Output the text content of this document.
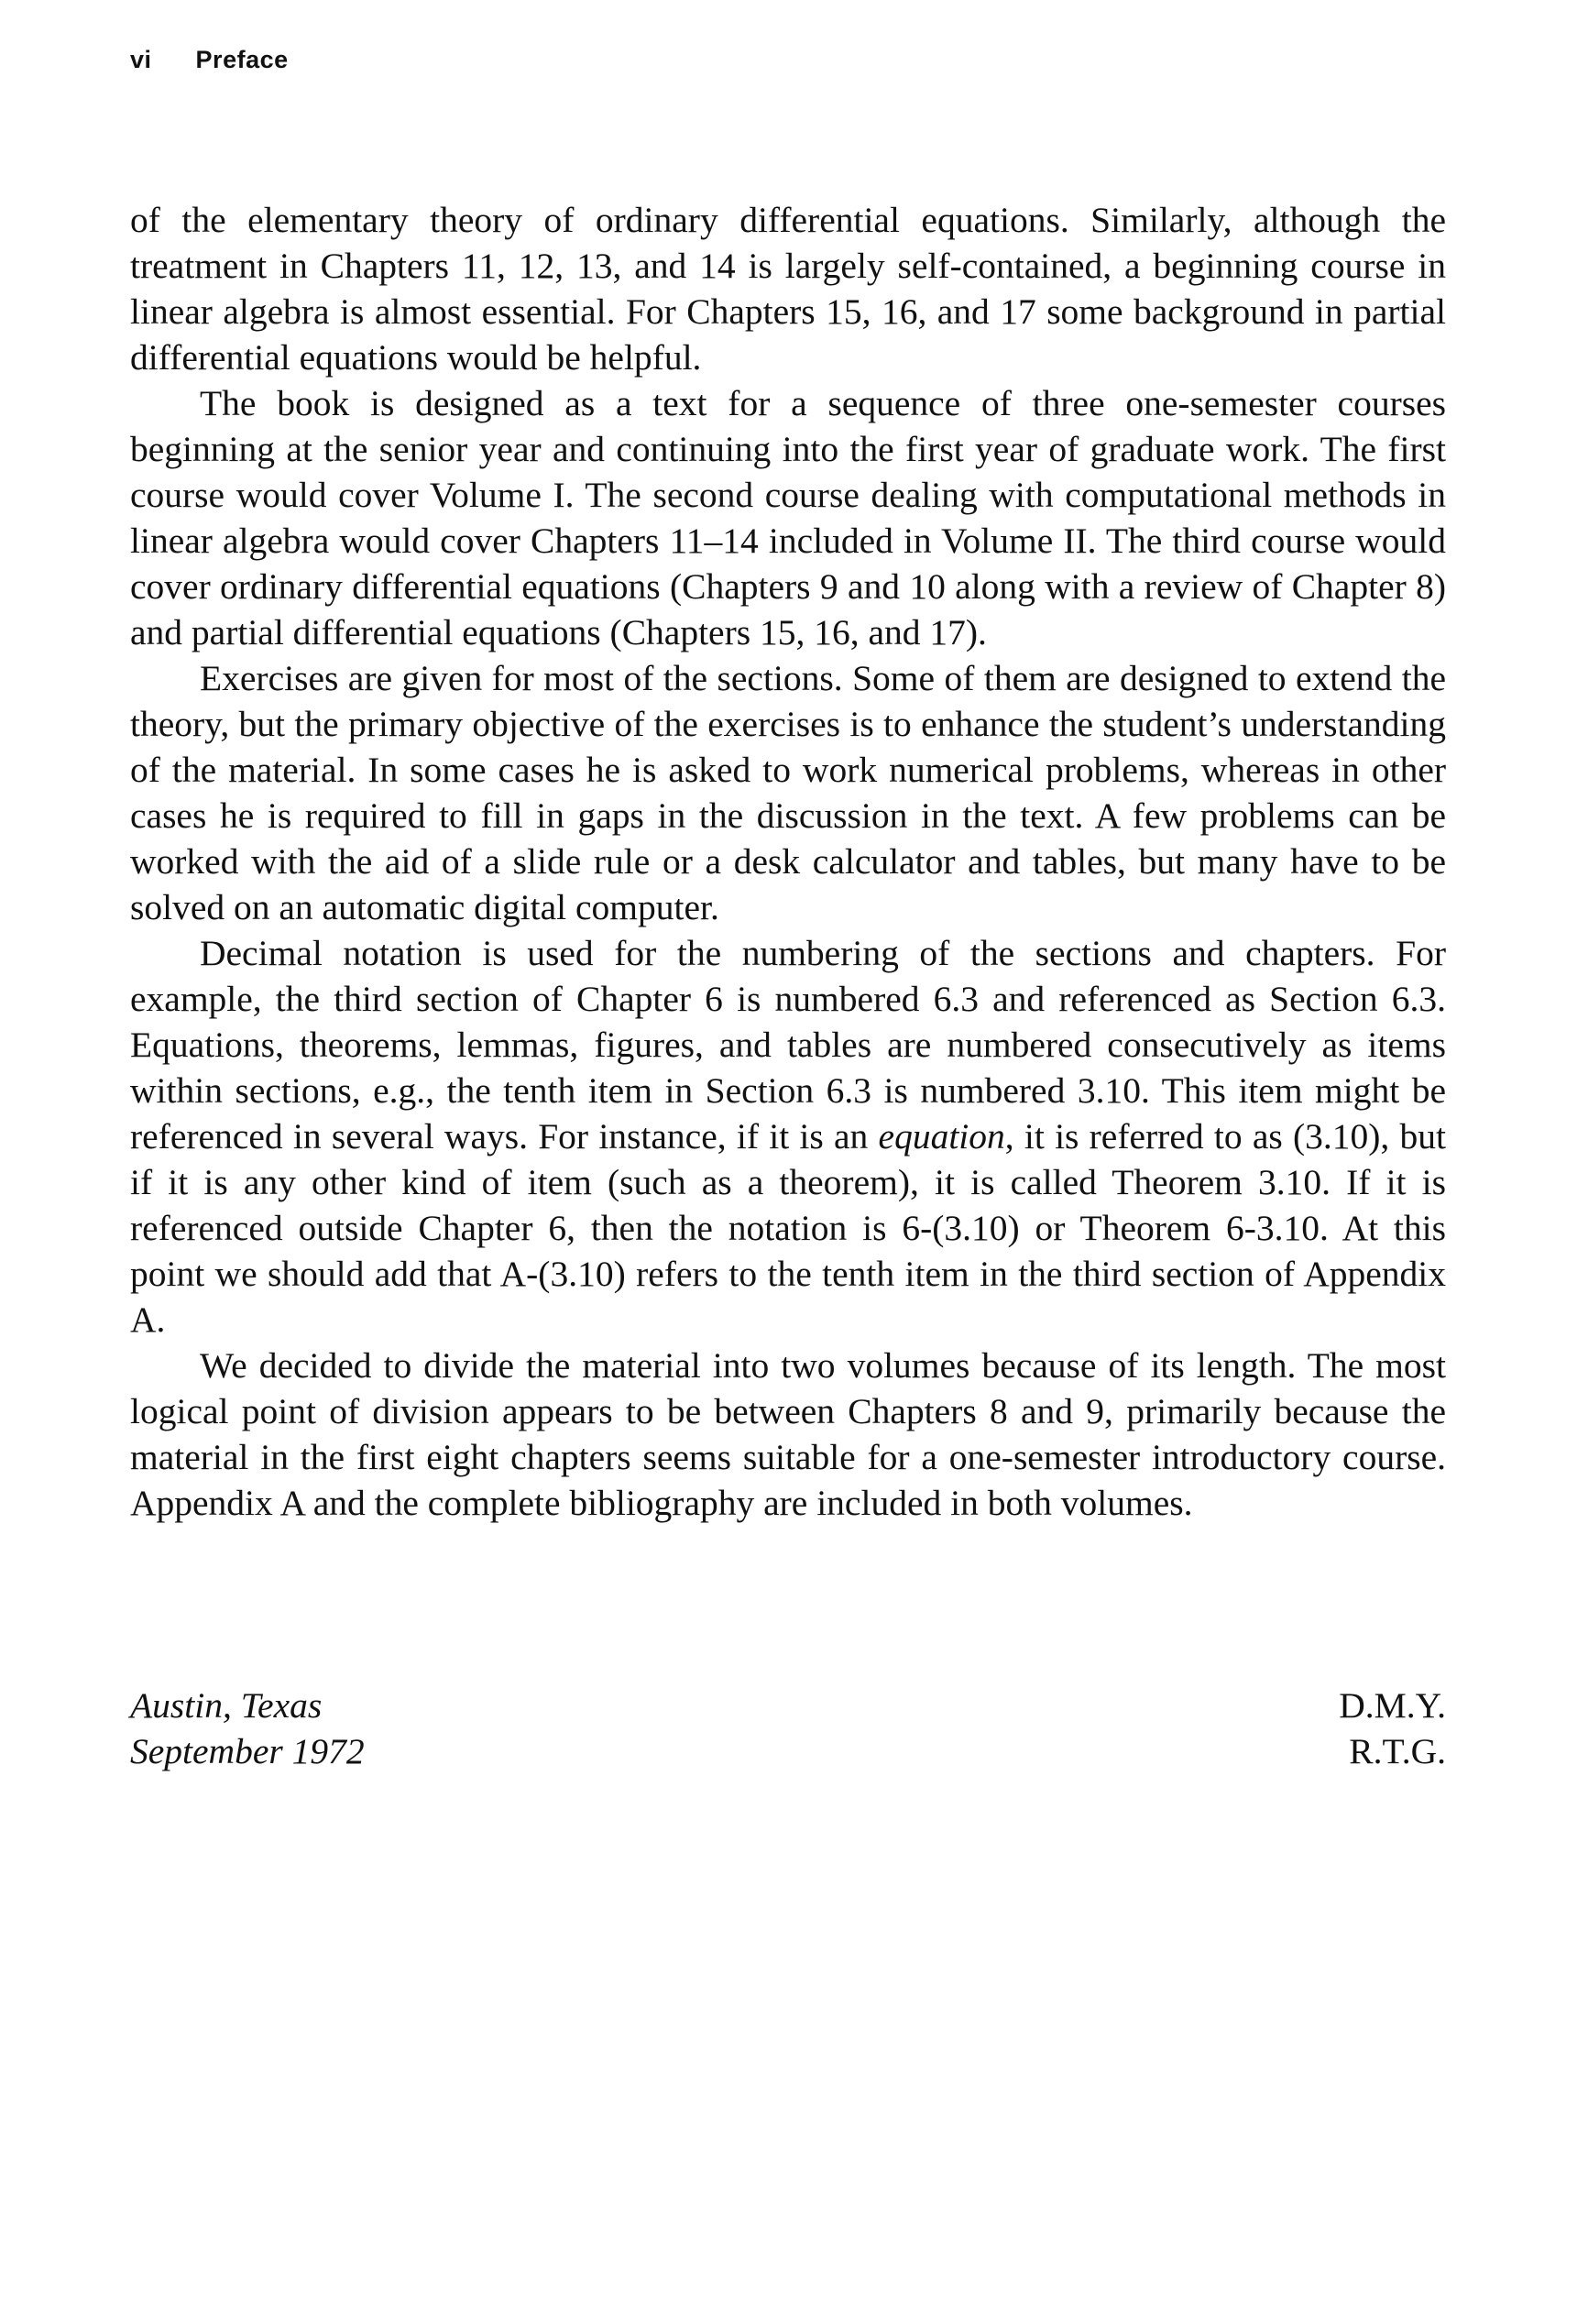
vi Preface

of the elementary theory of ordinary differential equations. Similarly, although the treatment in Chapters 11, 12, 13, and 14 is largely self-contained, a beginning course in linear algebra is almost essential. For Chapters 15, 16, and 17 some background in partial differential equations would be helpful.

The book is designed as a text for a sequence of three one-semester courses beginning at the senior year and continuing into the first year of graduate work. The first course would cover Volume I. The second course dealing with computational methods in linear algebra would cover Chapters 11–14 included in Volume II. The third course would cover ordinary differential equations (Chapters 9 and 10 along with a review of Chapter 8) and partial differential equations (Chapters 15, 16, and 17).

Exercises are given for most of the sections. Some of them are designed to extend the theory, but the primary objective of the exercises is to enhance the student’s understanding of the material. In some cases he is asked to work numerical problems, whereas in other cases he is required to fill in gaps in the discussion in the text. A few problems can be worked with the aid of a slide rule or a desk calculator and tables, but many have to be solved on an automatic digital computer.

Decimal notation is used for the numbering of the sections and chapters. For example, the third section of Chapter 6 is numbered 6.3 and referenced as Section 6.3. Equations, theorems, lemmas, figures, and tables are numbered consecutively as items within sections, e.g., the tenth item in Section 6.3 is numbered 3.10. This item might be referenced in several ways. For instance, if it is an equation, it is referred to as (3.10), but if it is any other kind of item (such as a theorem), it is called Theorem 3.10. If it is referenced outside Chapter 6, then the notation is 6-(3.10) or Theorem 6-3.10. At this point we should add that A-(3.10) refers to the tenth item in the third section of Appendix A.

We decided to divide the material into two volumes because of its length. The most logical point of division appears to be between Chapters 8 and 9, primarily because the material in the first eight chapters seems suitable for a one-semester introductory course. Appendix A and the complete bibliography are included in both volumes.

Austin, Texas
September 1972
D.M.Y.
R.T.G.
